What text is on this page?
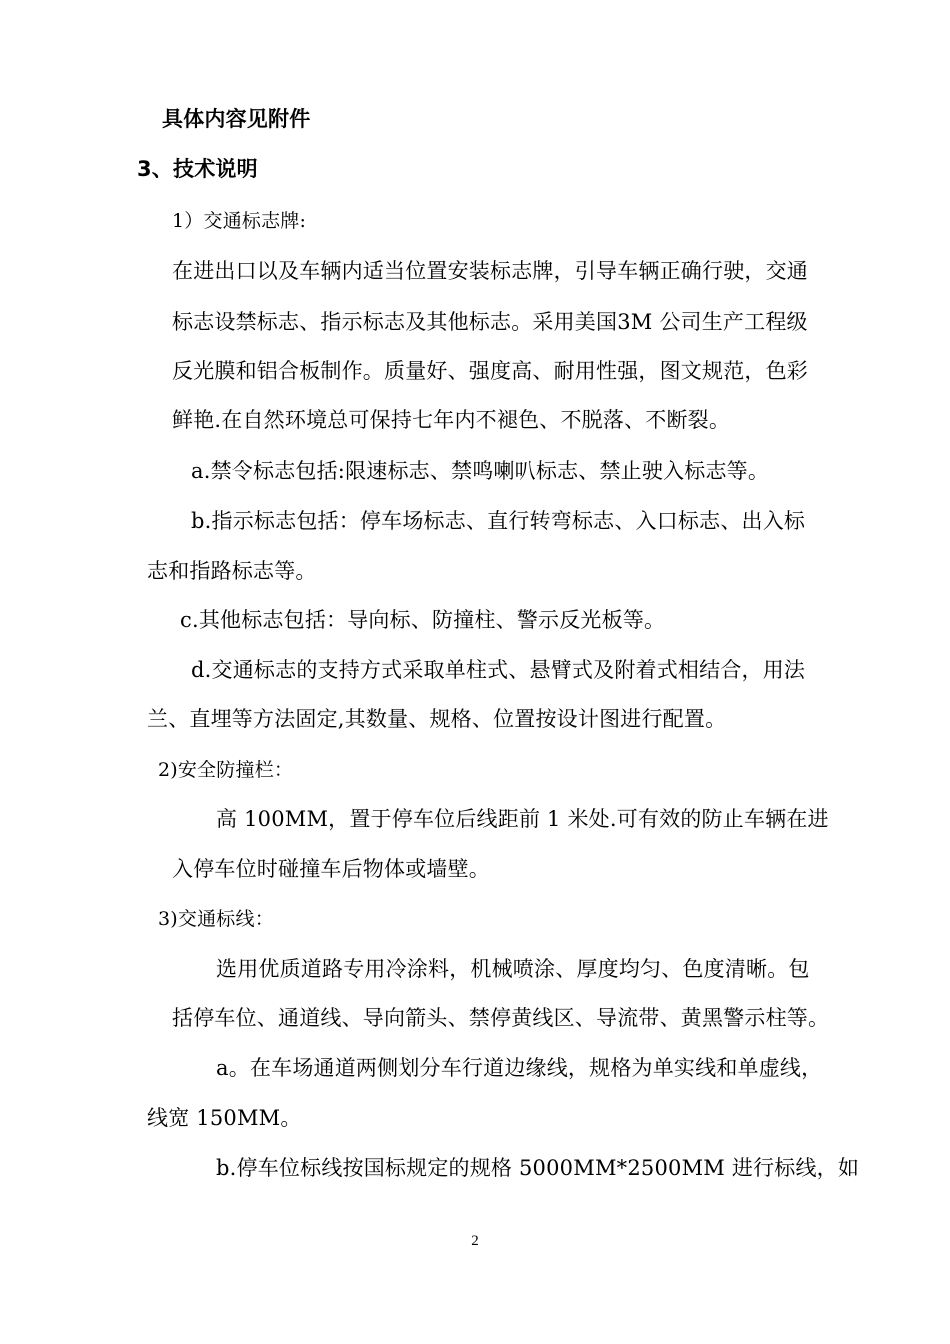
具体内容见附件
3、技术说明
1）交通标志牌:
在进出口以及车辆内适当位置安装标志牌，引导车辆正确行驶，交通
标志设禁标志、指示标志及其他标志。采用美国3M 公司生产工程级
反光膜和铝合板制作。质量好、强度高、耐用性强，图文规范，色彩
鲜艳.在自然环境总可保持七年内不褪色、不脱落、不断裂。
a.禁令标志包括:限速标志、禁鸣喇叭标志、禁止驶入标志等。
b.指示标志包括：停车场标志、直行转弯标志、入口标志、出入标
志和指路标志等。
c.其他标志包括：导向标、防撞柱、警示反光板等。
d.交通标志的支持方式采取单柱式、悬臂式及附着式相结合，用法
兰、直埋等方法固定,其数量、规格、位置按设计图进行配置。
2)安全防撞栏：
高 100MM，置于停车位后线距前 1 米处.可有效的防止车辆在进
入停车位时碰撞车后物体或墙壁。
3)交通标线：
选用优质道路专用冷涂料，机械喷涂、厚度均匀、色度清晰。包
括停车位、通道线、导向箭头、禁停黄线区、导流带、黄黑警示柱等。
a。在车场通道两侧划分车行道边缘线，规格为单实线和单虚线，
线宽 150MM。
b.停车位标线按国标规定的规格 5000MM*2500MM 进行标线，如
2
